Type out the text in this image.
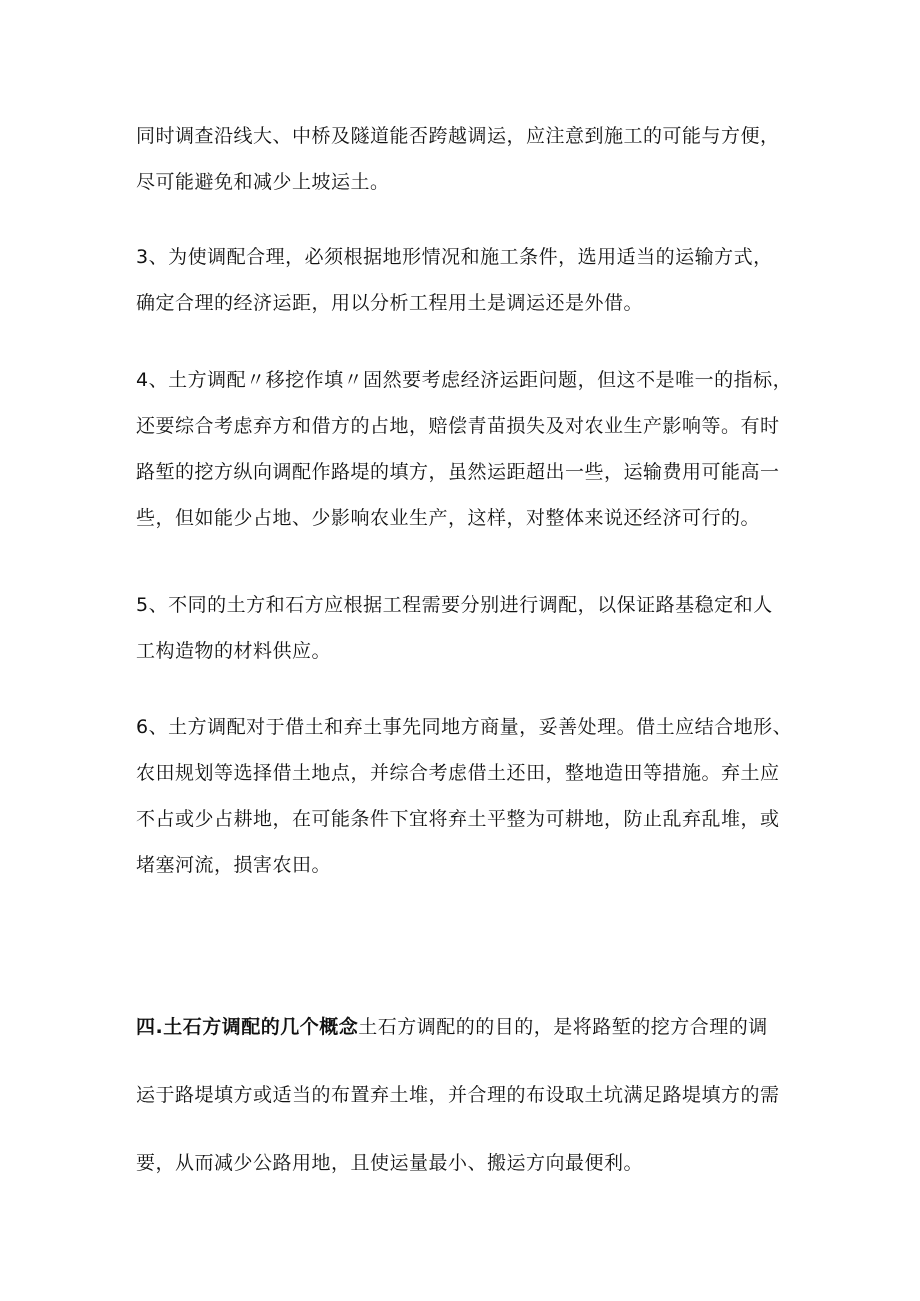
同时调查沿线大、中桥及隧道能否跨越调运，应注意到施工的可能与方便，
尽可能避免和减少上坡运土。
3、为使调配合理，必须根据地形情况和施工条件，选用适当的运输方式，
确定合理的经济运距，用以分析工程用土是调运还是外借。
4、土方调配〃移挖作填〃固然要考虑经济运距问题，但这不是唯一的指标，
还要综合考虑弃方和借方的占地，赔偿青苗损失及对农业生产影响等。有时
路堑的挖方纵向调配作路堤的填方，虽然运距超出一些，运输费用可能高一
些，但如能少占地、少影响农业生产，这样，对整体来说还经济可行的。
5、不同的土方和石方应根据工程需要分别进行调配，以保证路基稳定和人
工构造物的材料供应。
6、土方调配对于借土和弃土事先同地方商量，妥善处理。借土应结合地形、
农田规划等选择借土地点，并综合考虑借土还田，整地造田等措施。弃土应
不占或少占耕地，在可能条件下宜将弃土平整为可耕地，防止乱弃乱堆，或
堵塞河流，损害农田。
四.土石方调配的几个概念土石方调配的的目的，是将路堑的挖方合理的调
运于路堤填方或适当的布置弃土堆，并合理的布设取土坑满足路堤填方的需
要，从而减少公路用地，且使运量最小、搬运方向最便利。
